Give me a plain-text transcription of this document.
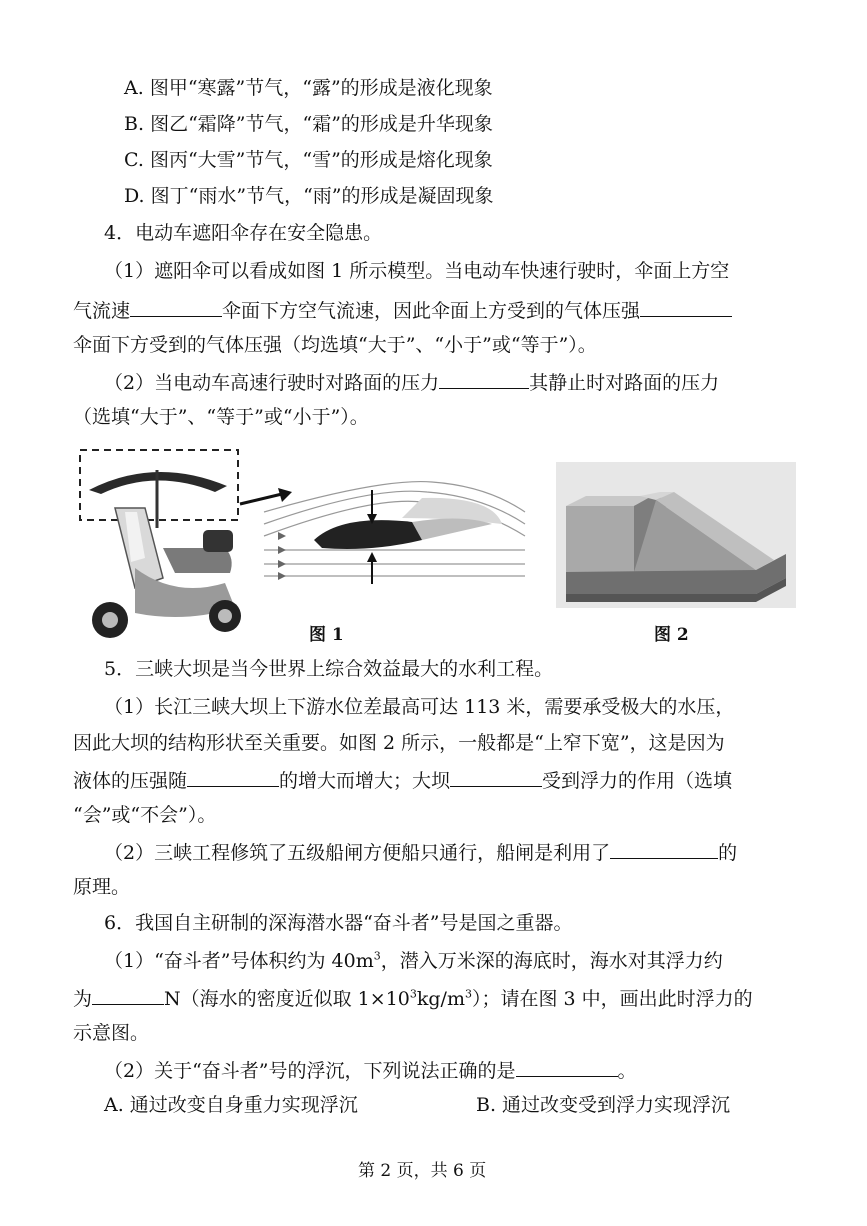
A. 图甲“寒露”节气，“露”的形成是液化现象
B. 图乙“霜降”节气，“霜”的形成是升华现象
C. 图丙“大雪”节气，“雪”的形成是熔化现象
D. 图丁“雨水”节气，“雨”的形成是凝固现象
4．电动车遮阳伞存在安全隐患。
（1）遮阳伞可以看成如图 1 所示模型。当电动车快速行驶时，伞面上方空
气流速	伞面下方空气流速，因此伞面上方受到的气体压强
伞面下方受到的气体压强（均选填“大于”、“小于”或“等于”）。
（2）当电动车高速行驶时对路面的压力	其静止时对路面的压力
（选填“大于”、“等于”或“小于”）。
图 1	图 2
5．三峡大坝是当今世界上综合效益最大的水利工程。
（1）长江三峡大坝上下游水位差最高可达 113 米，需要承受极大的水压，
因此大坝的结构形状至关重要。如图 2 所示，一般都是“上窄下宽”，这是因为
液体的压强随	的增大而增大；大坝	受到浮力的作用（选填
“会”或“不会”）。
（2）三峡工程修筑了五级船闸方便船只通行，船闸是利用了	的
原理。
6．我国自主研制的深海潜水器“奋斗者”号是国之重器。
（1）“奋斗者”号体积约为 $40m^3$，潜入万米深的海底时，海水对其浮力约
为	N（海水的密度近似取 $1\times 10^3kg/m^3$）；请在图 3 中，画出此时浮力的
示意图。
（2）关于“奋斗者”号的浮沉，下列说法正确的是	。
A. 通过改变自身重力实现浮沉	B. 通过改变受到浮力实现浮沉
第 2 页，共 6 页
